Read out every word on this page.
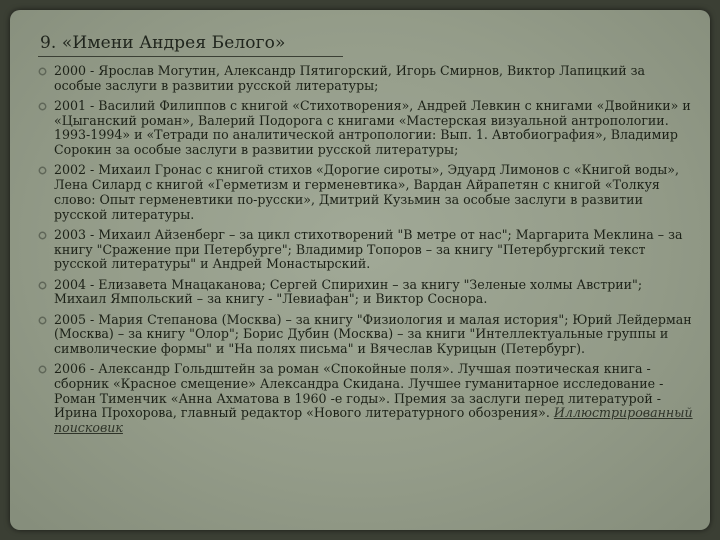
9. «Имени Андрея Белого»
2000 - Ярослав Могутин, Александр Пятигорский, Игорь Смирнов, Виктор Лапицкий за особые заслуги в развитии русской литературы;
2001 - Василий Филиппов с книгой «Стихотворения», Андрей Левкин с книгами «Двойники» и «Цыганский роман», Валерий Подорога с книгами «Мастерская визуальной антропологии. 1993-1994» и «Тетради по аналитической антропологии: Вып. 1. Автобиография», Владимир Сорокин за особые заслуги в развитии русской литературы;
2002 - Михаил Гронас с книгой стихов «Дорогие сироты», Эдуард Лимонов с «Книгой воды», Лена Силард с книгой «Герметизм и герменевтика», Вардан Айрапетян с книгой «Толкуя слово: Опыт герменевтики по-русски», Дмитрий Кузьмин за особые заслуги в развитии русской литературы.
2003 - Михаил Айзенберг – за цикл стихотворений "В метре от нас"; Маргарита Меклина – за книгу "Сражение при Петербурге"; Владимир Топоров – за книгу "Петербургский текст русской литературы" и Андрей Монастырский.
2004 - Елизавета Мнацаканова; Сергей Спирихин – за книгу "Зеленые холмы Австрии"; Михаил Ямпольский – за книгу - "Левиафан"; и Виктор Соснора.
2005 - Мария Степанова (Москва) – за книгу "Физиология и малая история"; Юрий Лейдерман (Москва) – за книгу "Олор"; Борис Дубин (Москва) – за книги "Интеллектуальные группы и символические формы" и "На полях письма" и Вячеслав Курицын (Петербург).
2006 - Александр Гольдштейн за роман «Спокойные поля». Лучшая поэтическая книга - сборник «Красное смещение» Александра Скидана. Лучшее гуманитарное исследование - Роман Тименчик «Анна Ахматова в 1960 -е годы». Премия за заслуги перед литературой - Ирина Прохорова, главный редактор «Нового литературного обозрения». Иллюстрированный поисковик
